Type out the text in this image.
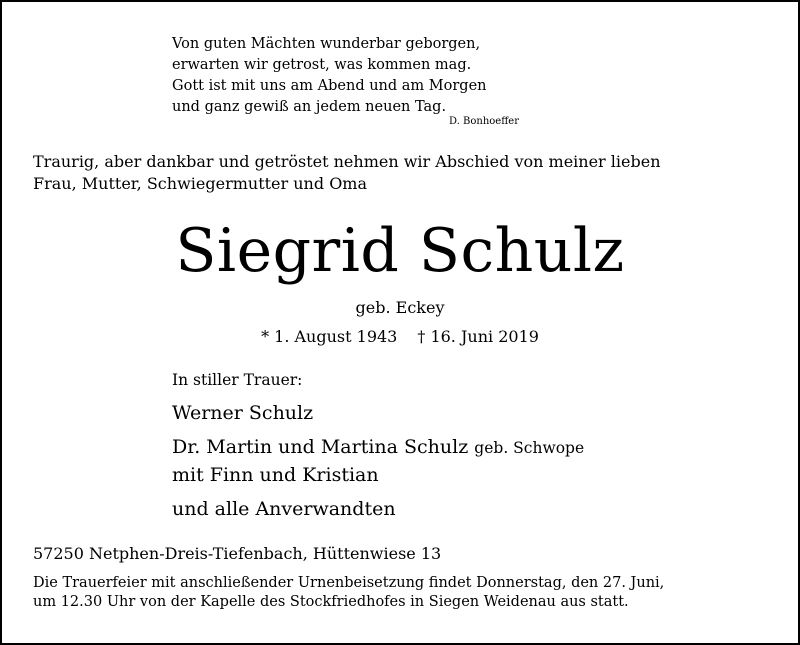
Von guten Mächten wunderbar geborgen,
erwarten wir getrost, was kommen mag.
Gott ist mit uns am Abend und am Morgen
und ganz gewiß an jedem neuen Tag.
D. Bonhoeffer
Traurig, aber dankbar und getröstet nehmen wir Abschied von meiner lieben
Frau, Mutter, Schwiegermutter und Oma
Siegrid Schulz
geb. Eckey
* 1. August 1943 † 16. Juni 2019
In stiller Trauer:
Werner Schulz
Dr. Martin und Martina Schulz geb. Schwope
mit Finn und Kristian
und alle Anverwandten
57250 Netphen-Dreis-Tiefenbach, Hüttenwiese 13
Die Trauerfeier mit anschließender Urnenbeisetzung findet Donnerstag, den 27. Juni,
um 12.30 Uhr von der Kapelle des Stockfriedhofes in Siegen Weidenau aus statt.
